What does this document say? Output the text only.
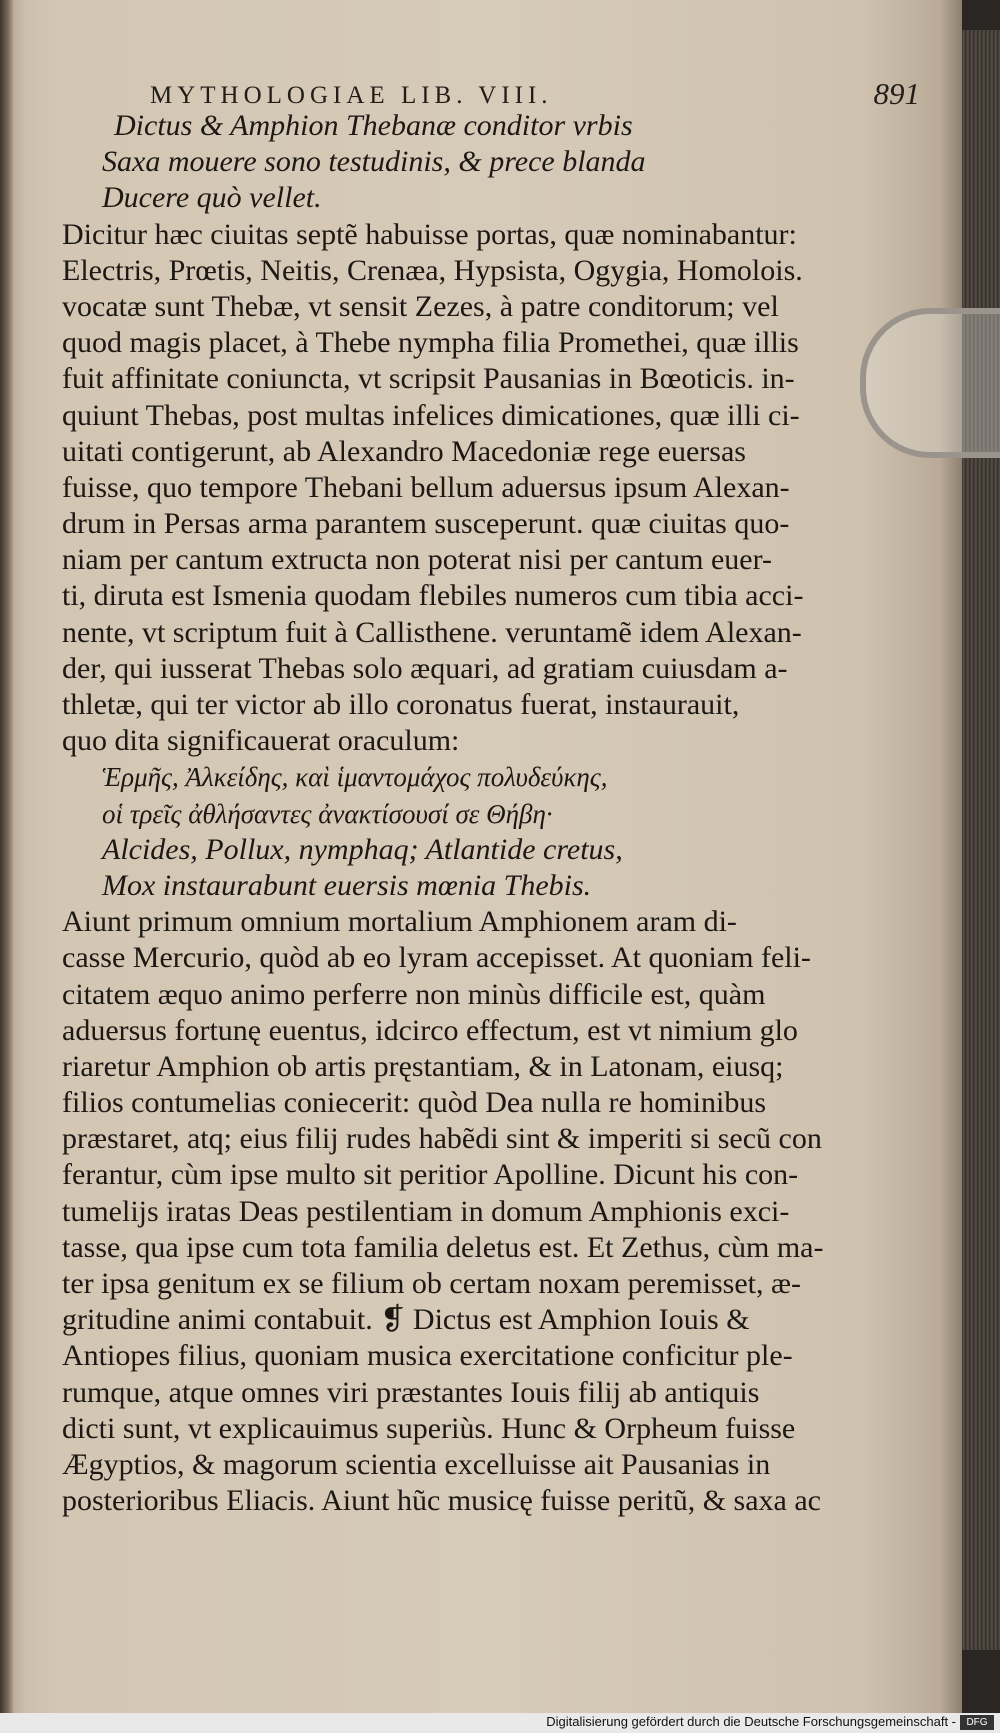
MYTHOLOGIAE LIB. VIII.	891
Dictus & Amphion Thebanæ conditor vrbis
Saxa mouere sono testudinis, & prece blanda
Ducere quò vellet.
Dicitur hæc ciuitas septẽ habuisse portas, quæ nominabantur:
Electris, Prœtis, Neitis, Crenæa, Hypsista, Ogygia, Homolois.
vocatæ sunt Thebæ, vt sensit Zezes, à patre conditorum; vel
quod magis placet, à Thebe nympha filia Promethei, quæ illis
fuit affinitate coniuncta, vt scripsit Pausanias in Bœoticis. in-
quiunt Thebas, post multas infelices dimicationes, quæ illi ci-
uitati contigerunt, ab Alexandro Macedoniæ rege euersas
fuisse, quo tempore Thebani bellum aduersus ipsum Alexan-
drum in Persas arma parantem susceperunt. quæ ciuitas quo-
niam per cantum extructa non poterat nisi per cantum euer-
ti, diruta est Ismenia quodam flebiles numeros cum tibia acci-
nente, vt scriptum fuit à Callisthene. veruntamẽ idem Alexan-
der, qui iusserat Thebas solo æquari, ad gratiam cuiusdam a-
thletæ, qui ter victor ab illo coronatus fuerat, instaurauit,
quo dita significauerat oraculum:
Ἑρμῆς, Ἀλκείδης, καὶ ἱμαντομάχος πολυδεύκης,
οἱ τρεῖς ἀθλήσαντες ἀνακτίσουσί σε Θήβη·
Alcides, Pollux, nymphaq; Atlantide cretus,
Mox instaurabunt euersis mœnia Thebis.
Aiunt primum omnium mortalium Amphionem aram di-
casse Mercurio, quòd ab eo lyram accepisset. At quoniam feli-
citatem æquo animo perferre non minùs difficile est, quàm
aduersus fortunę euentus, idcirco effectum, est vt nimium glo
riaretur Amphion ob artis pręstantiam, & in Latonam, eiusq;
filios contumelias coniecerit: quòd Dea nulla re hominibus
præstaret, atq; eius filij rudes habẽdi sint & imperiti si secũ con
ferantur, cùm ipse multo sit peritior Apolline. Dicunt his con-
tumelijs iratas Deas pestilentiam in domum Amphionis exci-
tasse, qua ipse cum tota familia deletus est. Et Zethus, cùm ma-
ter ipsa genitum ex se filium ob certam noxam peremisset, æ-
gritudine animi contabuit. ❡ Dictus est Amphion Iouis &
Antiopes filius, quoniam musica exercitatione conficitur ple-
rumque, atque omnes viri præstantes Iouis filij ab antiquis
dicti sunt, vt explicauimus superiùs. Hunc & Orpheum fuisse
Ægyptios, & magorum scientia excelluisse ait Pausanias in
posterioribus Eliacis. Aiunt hũc musicę fuisse peritũ, & saxa ac
Digitalisierung gefördert durch die Deutsche Forschungsgemeinschaft -	DFG
